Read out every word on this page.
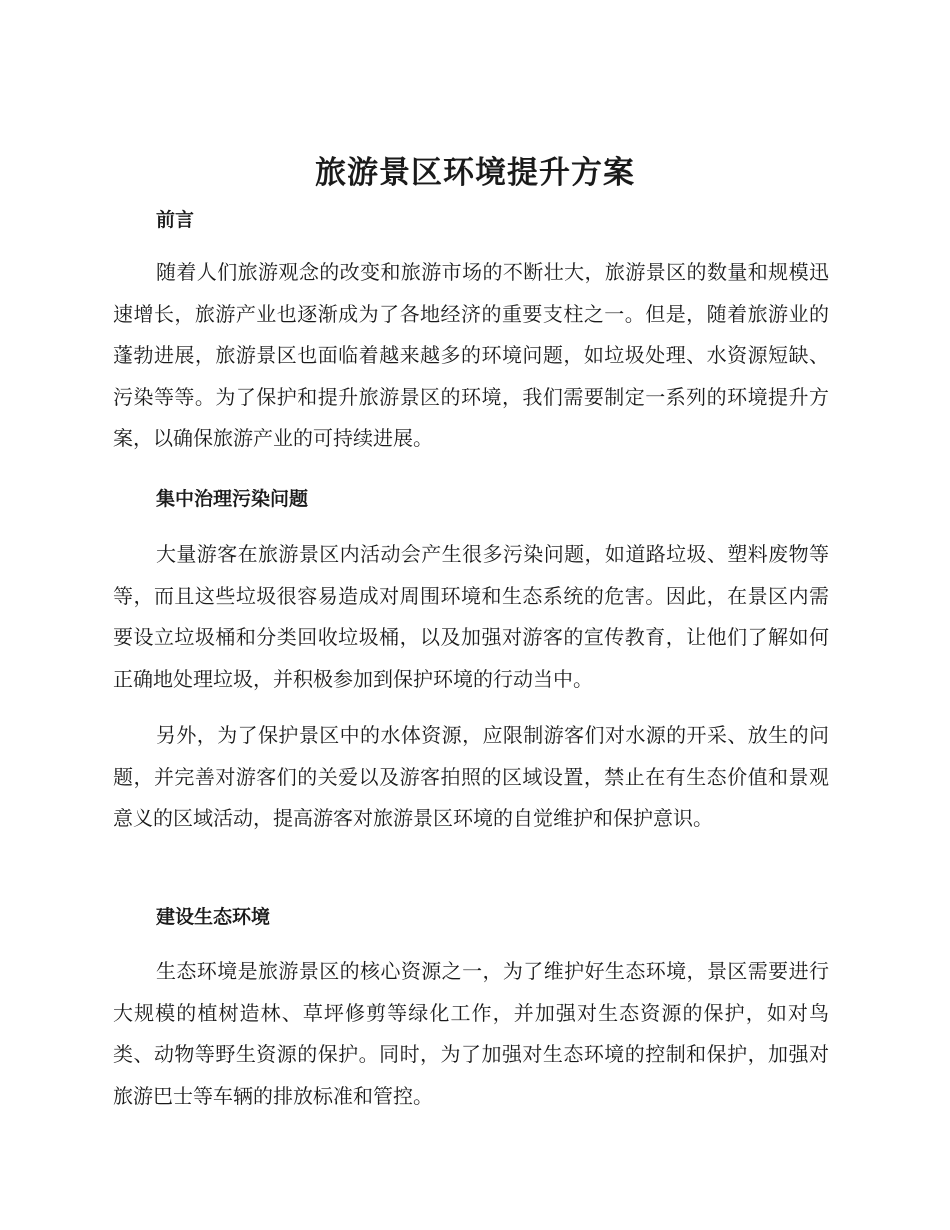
旅游景区环境提升方案
前言

随着人们旅游观念的改变和旅游市场的不断壮大，旅游景区的数量和规模迅速增长，旅游产业也逐渐成为了各地经济的重要支柱之一。但是，随着旅游业的蓬勃进展，旅游景区也面临着越来越多的环境问题，如垃圾处理、水资源短缺、污染等等。为了保护和提升旅游景区的环境，我们需要制定一系列的环境提升方案，以确保旅游产业的可持续进展。

集中治理污染问题

大量游客在旅游景区内活动会产生很多污染问题，如道路垃圾、塑料废物等等，而且这些垃圾很容易造成对周围环境和生态系统的危害。因此，在景区内需要设立垃圾桶和分类回收垃圾桶，以及加强对游客的宣传教育，让他们了解如何正确地处理垃圾，并积极参加到保护环境的行动当中。

另外，为了保护景区中的水体资源，应限制游客们对水源的开采、放生的问题，并完善对游客们的关爱以及游客拍照的区域设置，禁止在有生态价值和景观意义的区域活动，提高游客对旅游景区环境的自觉维护和保护意识。

建设生态环境

生态环境是旅游景区的核心资源之一，为了维护好生态环境，景区需要进行大规模的植树造林、草坪修剪等绿化工作，并加强对生态资源的保护，如对鸟类、动物等野生资源的保护。同时，为了加强对生态环境的控制和保护，加强对旅游巴士等车辆的排放标准和管控。
